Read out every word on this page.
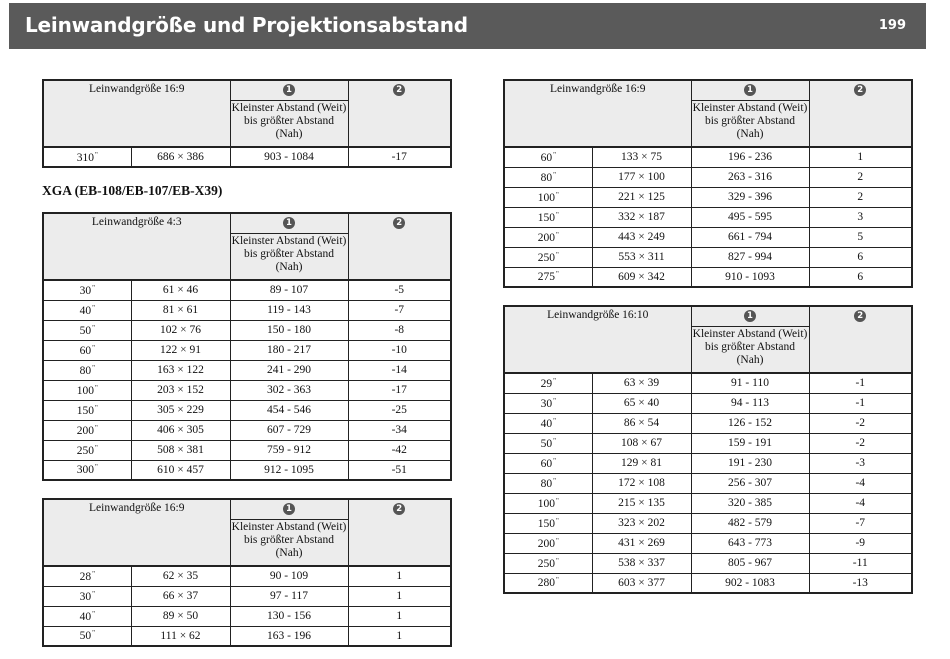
Leinwandgröße und Projektionsabstand	199
XGA (EB-108/EB-107/EB-X39)
Leinwandgröße 16:9		1	2
		Kleinster Abstand (Weit) bis größter Abstand (Nah)	
310"	686 × 386	903 - 1084	-17
Leinwandgröße 4:3		1	2
		Kleinster Abstand (Weit) bis größter Abstand (Nah)	
30"	61 × 46	89 - 107	-5
40"	81 × 61	119 - 143	-7
50"	102 × 76	150 - 180	-8
60"	122 × 91	180 - 217	-10
80"	163 × 122	241 - 290	-14
100"	203 × 152	302 - 363	-17
150"	305 × 229	454 - 546	-25
200"	406 × 305	607 - 729	-34
250"	508 × 381	759 - 912	-42
300"	610 × 457	912 - 1095	-51
Leinwandgröße 16:9		1	2
		Kleinster Abstand (Weit) bis größter Abstand (Nah)	
28"	62 × 35	90 - 109	1
30"	66 × 37	97 - 117	1
40"	89 × 50	130 - 156	1
50"	111 × 62	163 - 196	1
Leinwandgröße 16:9		1	2
		Kleinster Abstand (Weit) bis größter Abstand (Nah)	
60"	133 × 75	196 - 236	1
80"	177 × 100	263 - 316	2
100"	221 × 125	329 - 396	2
150"	332 × 187	495 - 595	3
200"	443 × 249	661 - 794	5
250"	553 × 311	827 - 994	6
275"	609 × 342	910 - 1093	6
Leinwandgröße 16:10		1	2
		Kleinster Abstand (Weit) bis größter Abstand (Nah)	
29"	63 × 39	91 - 110	-1
30"	65 × 40	94 - 113	-1
40"	86 × 54	126 - 152	-2
50"	108 × 67	159 - 191	-2
60"	129 × 81	191 - 230	-3
80"	172 × 108	256 - 307	-4
100"	215 × 135	320 - 385	-4
150"	323 × 202	482 - 579	-7
200"	431 × 269	643 - 773	-9
250"	538 × 337	805 - 967	-11
280"	603 × 377	902 - 1083	-13
